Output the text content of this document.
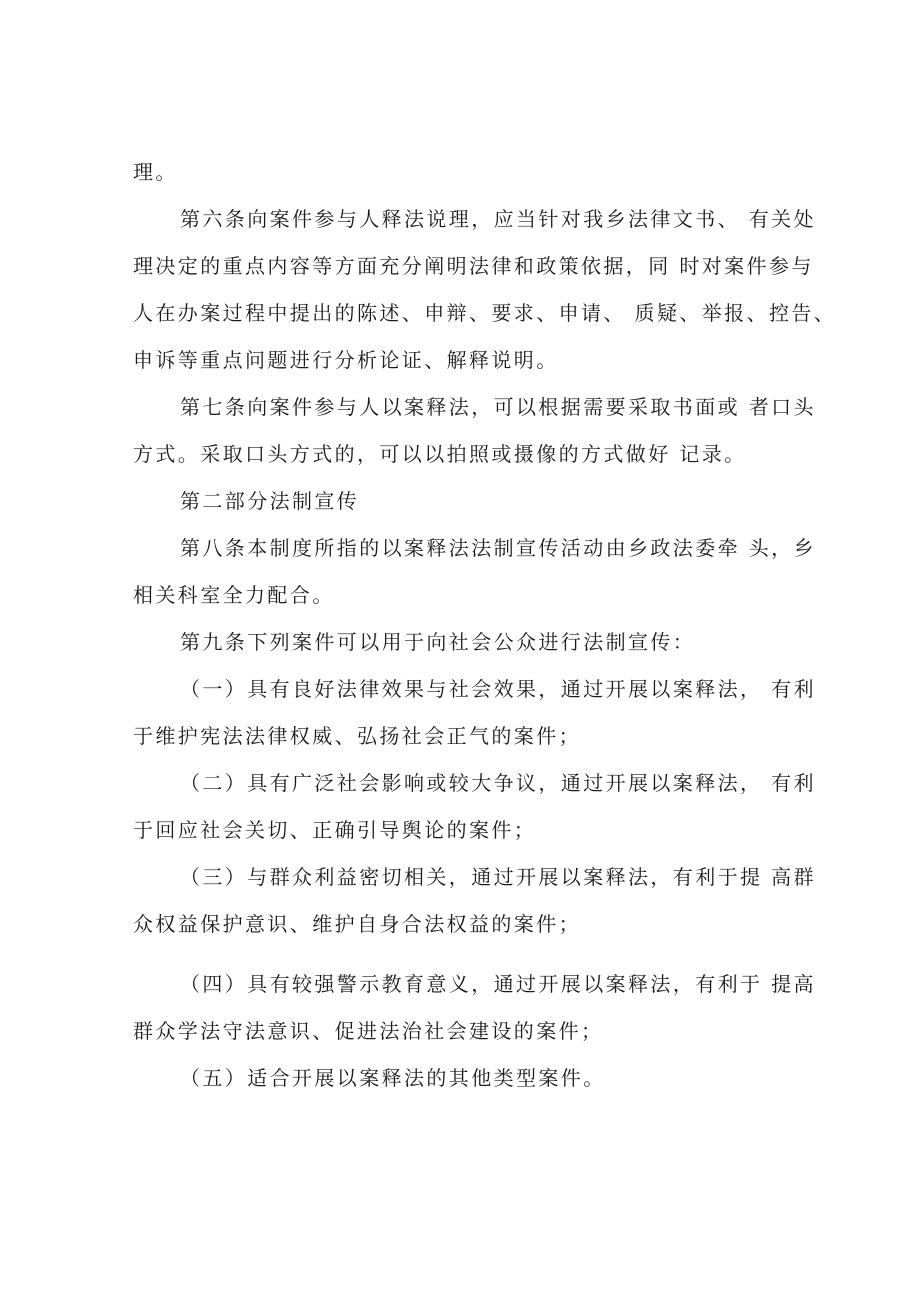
理。
第六条向案件参与人释法说理，应当针对我乡法律文书、 有关处
理决定的重点内容等方面充分阐明法律和政策依据，同 时对案件参与
人在办案过程中提出的陈述、申辩、要求、申请、 质疑、举报、控告、
申诉等重点问题进行分析论证、解释说明。
第七条向案件参与人以案释法，可以根据需要采取书面或 者口头
方式。采取口头方式的，可以以拍照或摄像的方式做好 记录。
第二部分法制宣传
第八条本制度所指的以案释法法制宣传活动由乡政法委牵 头，乡
相关科室全力配合。
第九条下列案件可以用于向社会公众进行法制宣传：
（一）具有良好法律效果与社会效果，通过开展以案释法， 有利
于维护宪法法律权威、弘扬社会正气的案件；
（二）具有广泛社会影响或较大争议，通过开展以案释法， 有利
于回应社会关切、正确引导舆论的案件；
（三）与群众利益密切相关，通过开展以案释法，有利于提 高群
众权益保护意识、维护自身合法权益的案件；
（四）具有较强警示教育意义，通过开展以案释法，有利于 提高
群众学法守法意识、促进法治社会建设的案件；
（五）适合开展以案释法的其他类型案件。
